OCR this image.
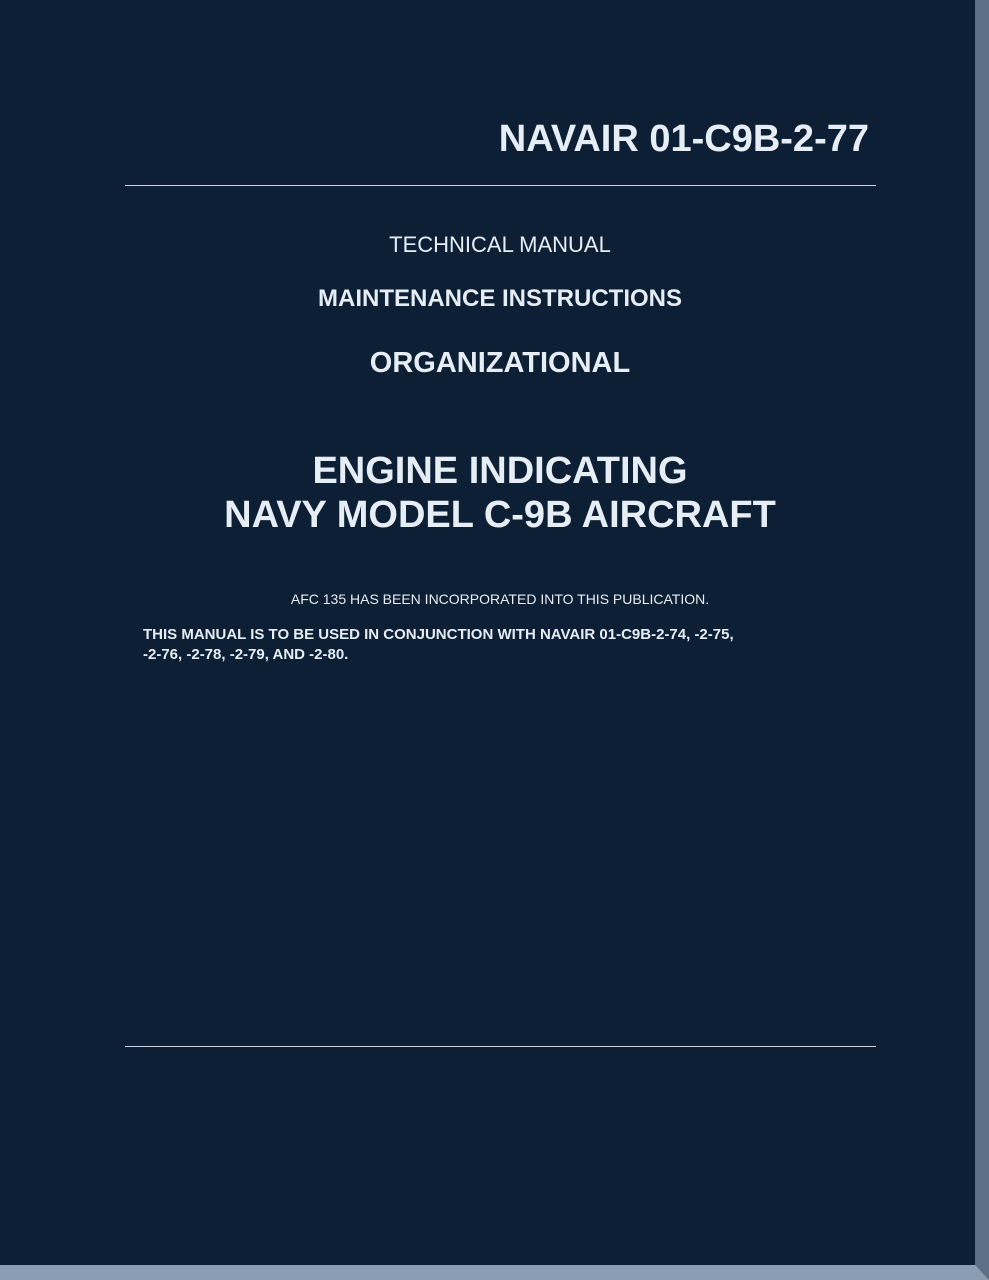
NAVAIR 01-C9B-2-77
TECHNICAL MANUAL
MAINTENANCE INSTRUCTIONS
ORGANIZATIONAL
ENGINE INDICATING
NAVY MODEL C-9B AIRCRAFT
AFC 135 HAS BEEN INCORPORATED INTO THIS PUBLICATION.
THIS MANUAL IS TO BE USED IN CONJUNCTION WITH NAVAIR 01-C9B-2-74, -2-75,
-2-76, -2-78, -2-79, AND -2-80.
